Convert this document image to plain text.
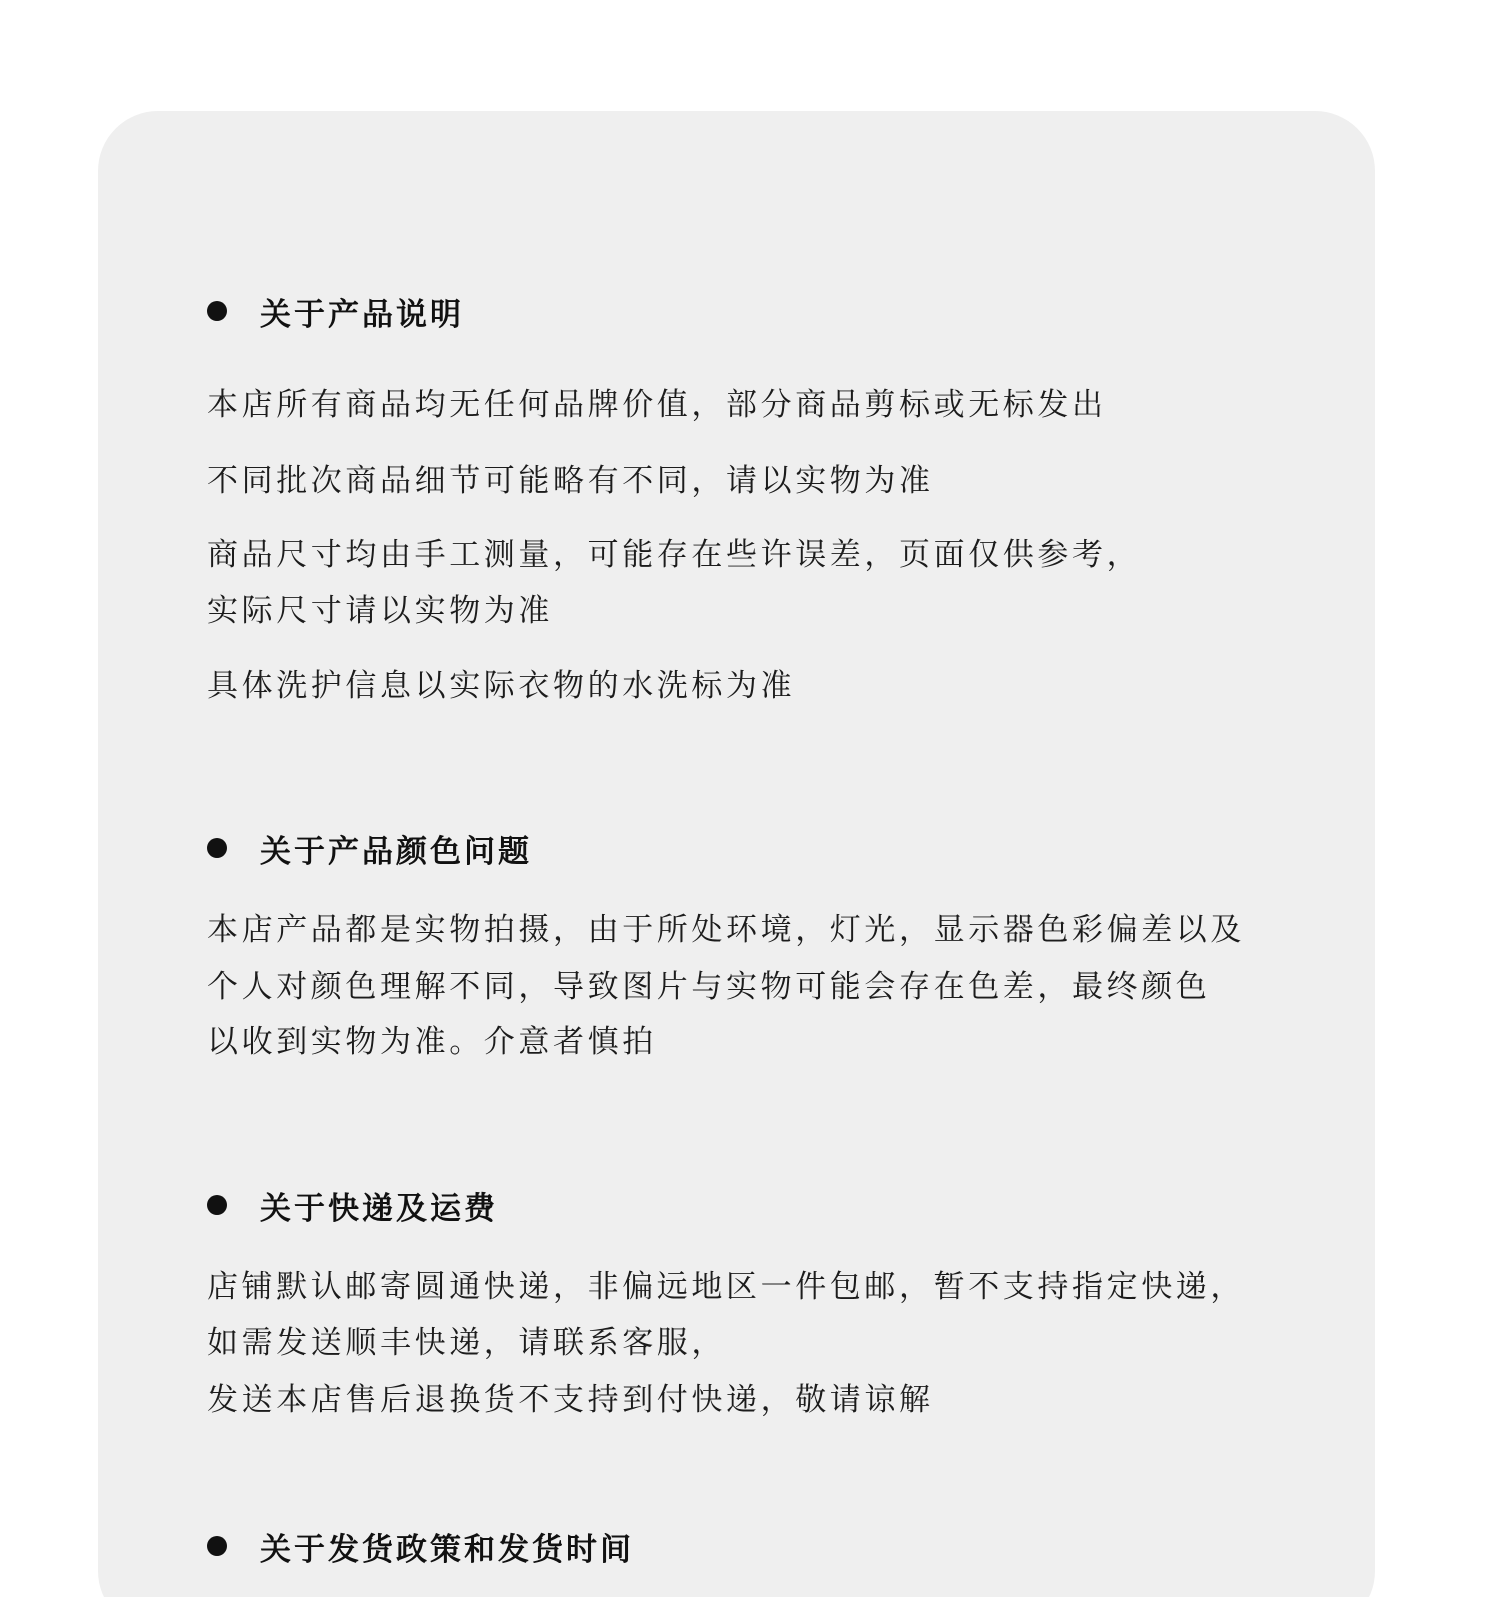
关于产品说明
本店所有商品均无任何品牌价值，部分商品剪标或无标发出
不同批次商品细节可能略有不同，请以实物为准
商品尺寸均由手工测量，可能存在些许误差，页面仅供参考，
实际尺寸请以实物为准
具体洗护信息以实际衣物的水洗标为准
关于产品颜色问题
本店产品都是实物拍摄，由于所处环境，灯光，显示器色彩偏差以及
个人对颜色理解不同，导致图片与实物可能会存在色差，最终颜色
以收到实物为准。介意者慎拍
关于快递及运费
店铺默认邮寄圆通快递，非偏远地区一件包邮，暂不支持指定快递，
如需发送顺丰快递，请联系客服，
发送本店售后退换货不支持到付快递，敬请谅解
关于发货政策和发货时间
